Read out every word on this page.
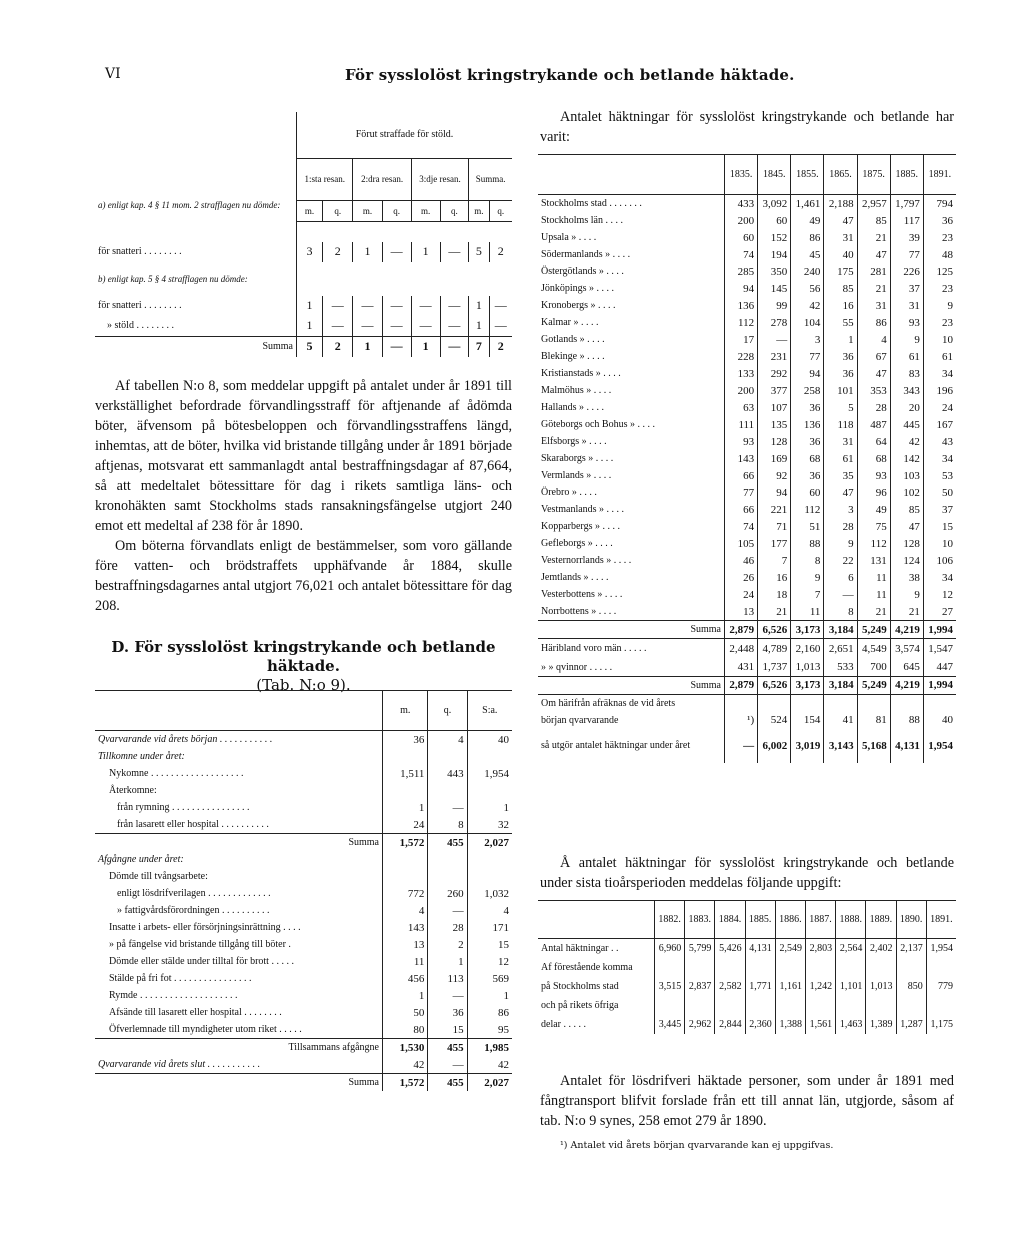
VI	För sysslolöst kringstrykande och betlande häktade.
	Förut straffade för stöld.							
	1:sta resan.		2:dra resan.		3:dje resan.		Summa.	
a) enligt kap. 4 § 11 mom. 2 strafflagen nu dömde:	m.	q.	m.	q.	m.	q.	m.	q.

för snatteri . . . . . . . .	3	2	1	—	1	—	5	2
b) enligt kap. 5 § 4 strafflagen nu dömde:								
för snatteri . . . . . . . .	1	—	—	—	—	—	1	—
» stöld . . . . . . . .	1	—	—	—	—	—	1	—
Summa	5	2	1	—	1	—	7	2
Af tabellen N:o 8, som meddelar uppgift på antalet under år 1891 till verkställighet befordrade förvandlingsstraff för aftjenande af ådömda böter, äfvensom på bötesbeloppen och förvandlingsstraffens längd, inhemtas, att de böter, hvilka vid bristande tillgång under år 1891 började aftjenas, motsvarat ett sammanlagdt antal bestraffningsdagar af 87,664, så att medeltalet bötessittare för dag i rikets samtliga läns- och kronohäkten samt Stockholms stads ransakningsfängelse utgjort 240 emot ett medeltal af 238 för år 1890.
Om böterna förvandlats enligt de bestämmelser, som voro gällande före vatten- och brödstraffets upphäfvande år 1884, skulle bestraffningsdagarnes antal utgjort 76,021 och antalet bötessittare för dag 208.
D. För sysslolöst kringstrykande och betlande häktade.
(Tab. N:o 9).
	m.	q.	S:a.
Qvarvarande vid årets början . . . . . . . . . . .	36	4	40
Tillkomne under året:			
Nykomne . . . . . . . . . . . . . . . . . . .	1,511	443	1,954
Återkomne:			
från rymning . . . . . . . . . . . . . . . .	1	—	1
från lasarett eller hospital . . . . . . . . . .	24	8	32
Summa	1,572	455	2,027
Afgångne under året:			
Dömde till tvångsarbete:			
enligt lösdrifverilagen . . . . . . . . . . . . .	772	260	1,032
» fattigvårdsförordningen . . . . . . . . . .	4	—	4
Insatte i arbets- eller försörjningsinrättning . . . .	143	28	171
» på fängelse vid bristande tillgång till böter .	13	2	15
Dömde eller stälde under tilltal för brott . . . . .	11	1	12
Stälde på fri fot . . . . . . . . . . . . . . . .	456	113	569
Rymde . . . . . . . . . . . . . . . . . . . .	1	—	1
Afsände till lasarett eller hospital . . . . . . . .	50	36	86
Öfverlemnade till myndigheter utom riket . . . . .	80	15	95
Tillsammans afgångne	1,530	455	1,985
Qvarvarande vid årets slut . . . . . . . . . . .	42	—	42
Summa	1,572	455	2,027
Antalet häktningar för sysslolöst kringstrykande och betlande har varit:
	1835.	1845.	1855.	1865.	1875.	1885.	1891.
Stockholms stad . . . . . . .	433	3,092	1,461	2,188	2,957	1,797	794
Stockholms län . . . .	200	60	49	47	85	117	36
Upsala » . . . .	60	152	86	31	21	39	23
Södermanlands » . . . .	74	194	45	40	47	77	48
Östergötlands » . . . .	285	350	240	175	281	226	125
Jönköpings » . . . .	94	145	56	85	21	37	23
Kronobergs » . . . .	136	99	42	16	31	31	9
Kalmar » . . . .	112	278	104	55	86	93	23
Gotlands » . . . .	17	—	3	1	4	9	10
Blekinge » . . . .	228	231	77	36	67	61	61
Kristianstads » . . . .	133	292	94	36	47	83	34
Malmöhus » . . . .	200	377	258	101	353	343	196
Hallands » . . . .	63	107	36	5	28	20	24
Göteborgs och Bohus » . . . .	111	135	136	118	487	445	167
Elfsborgs » . . . .	93	128	36	31	64	42	43
Skaraborgs » . . . .	143	169	68	61	68	142	34
Vermlands » . . . .	66	92	36	35	93	103	53
Örebro » . . . .	77	94	60	47	96	102	50
Vestmanlands » . . . .	66	221	112	3	49	85	37
Kopparbergs » . . . .	74	71	51	28	75	47	15
Gefleborgs » . . . .	105	177	88	9	112	128	10
Vesternorrlands » . . . .	46	7	8	22	131	124	106
Jemtlands » . . . .	26	16	9	6	11	38	34
Vesterbottens » . . . .	24	18	7	—	11	9	12
Norrbottens » . . . .	13	21	11	8	21	21	27
Summa	2,879	6,526	3,173	3,184	5,249	4,219	1,994
Häribland voro män . . . . .	2,448	4,789	2,160	2,651	4,549	3,574	1,547
» » qvinnor . . . . .	431	1,737	1,013	533	700	645	447
Summa	2,879	6,526	3,173	3,184	5,249	4,219	1,994
Om härifrån afräknas de vid årets							
början qvarvarande	¹)	524	154	41	81	88	40
så utgör antalet häktningar under året	—	6,002	3,019	3,143	5,168	4,131	1,954
Å antalet häktningar för sysslolöst kringstrykande och betlande under sista tioårsperioden meddelas följande uppgift:
	1882.	1883.	1884.	1885.	1886.	1887.	1888.	1889.	1890.	1891.
Antal häktningar . .	6,960	5,799	5,426	4,131	2,549	2,803	2,564	2,402	2,137	1,954
Af förestående komma										
på Stockholms stad	3,515	2,837	2,582	1,771	1,161	1,242	1,101	1,013	850	779
och på rikets öfriga										
delar . . . . .	3,445	2,962	2,844	2,360	1,388	1,561	1,463	1,389	1,287	1,175
Antalet för lösdrifveri häktade personer, som under år 1891 med fångtransport blifvit forslade från ett till annat län, utgjorde, såsom af tab. N:o 9 synes, 258 emot 279 år 1890.
¹) Antalet vid årets början qvarvarande kan ej uppgifvas.
